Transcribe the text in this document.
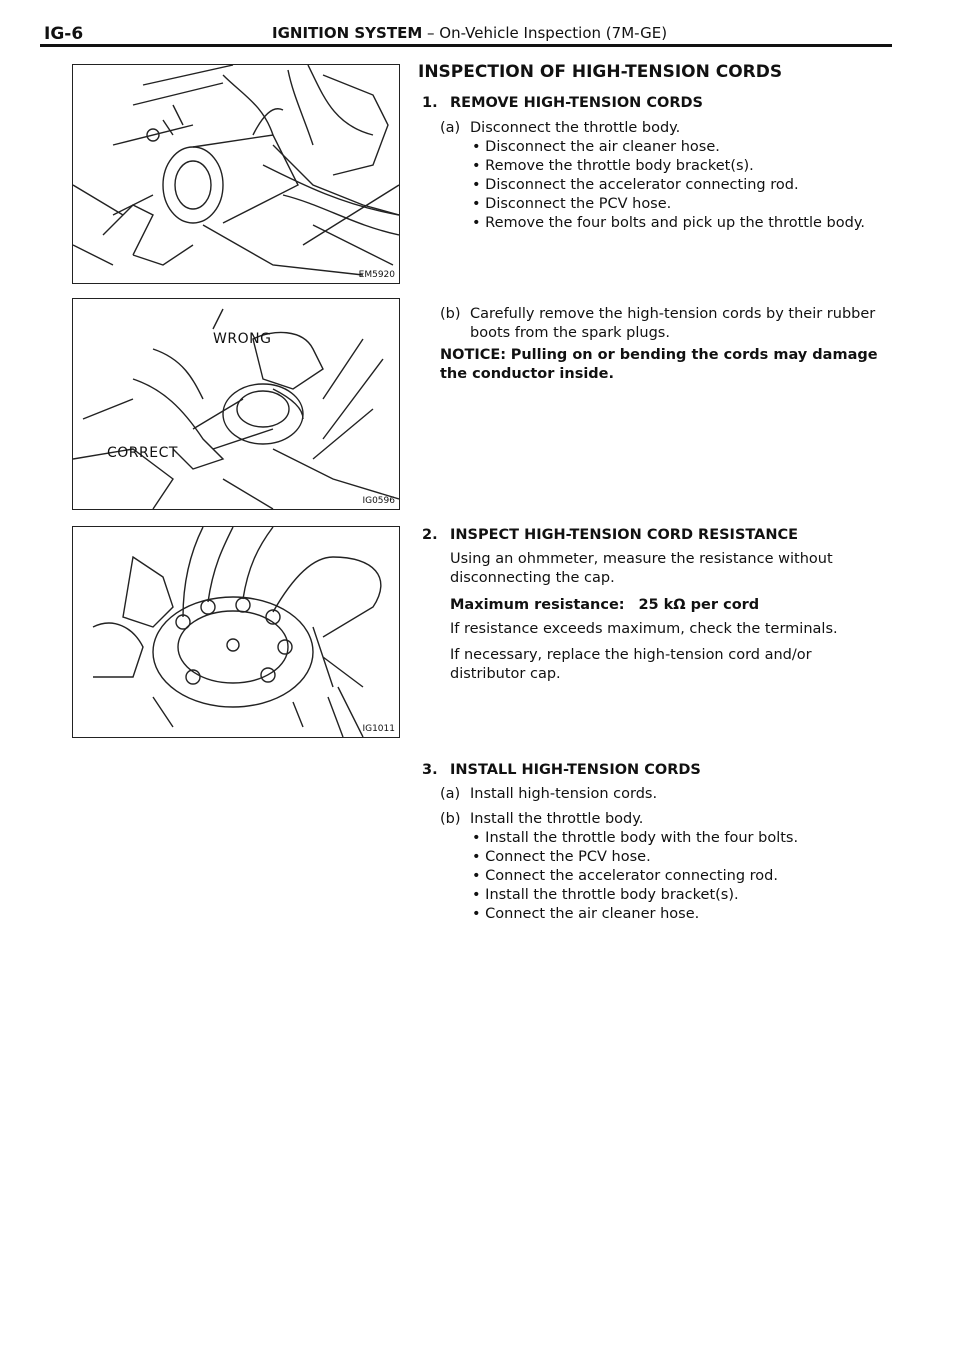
IG-6	IGNITION SYSTEM – On-Vehicle Inspection (7M-GE)
EM5920
WRONG
CORRECT
IG0596
IG1011
INSPECTION OF HIGH-TENSION CORDS
1. REMOVE HIGH-TENSION CORDS
(a) Disconnect the throttle body.
• Disconnect the air cleaner hose.
• Remove the throttle body bracket(s).
• Disconnect the accelerator connecting rod.
• Disconnect the PCV hose.
• Remove the four bolts and pick up the throttle body.
(b) Carefully remove the high-tension cords by their rubber boots from the spark plugs.
NOTICE: Pulling on or bending the cords may damage the conductor inside.
2. INSPECT HIGH-TENSION CORD RESISTANCE
Using an ohmmeter, measure the resistance without disconnecting the cap.
Maximum resistance: 25 kΩ per cord
If resistance exceeds maximum, check the terminals.
If necessary, replace the high-tension cord and/or distributor cap.
3. INSTALL HIGH-TENSION CORDS
(a) Install high-tension cords.
(b) Install the throttle body.
• Install the throttle body with the four bolts.
• Connect the PCV hose.
• Connect the accelerator connecting rod.
• Install the throttle body bracket(s).
• Connect the air cleaner hose.
